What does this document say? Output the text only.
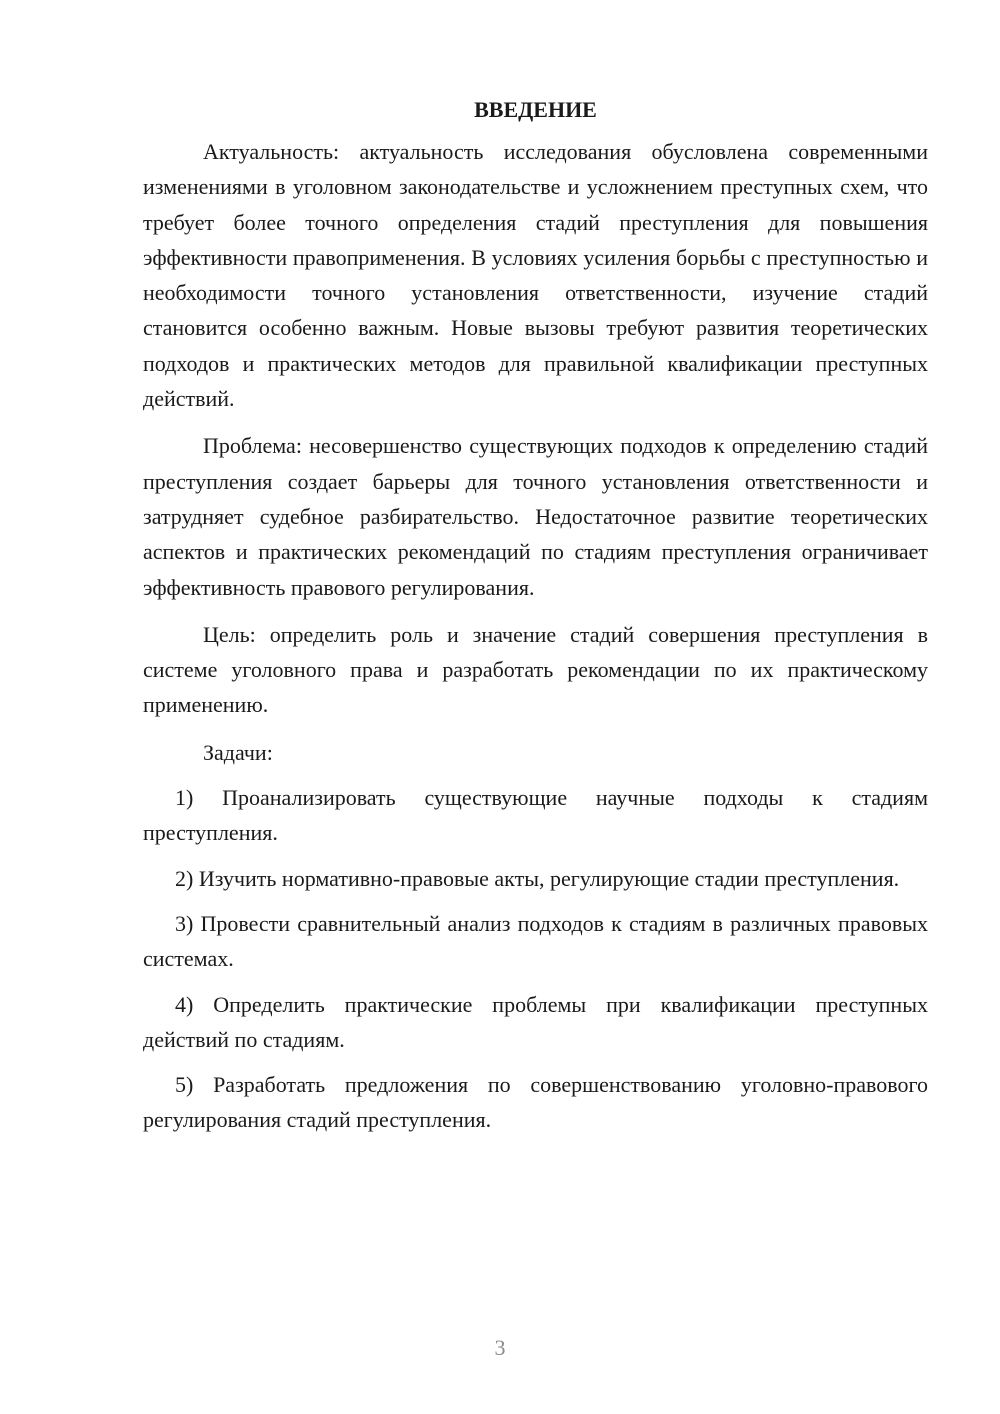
ВВЕДЕНИЕ

Актуальность: актуальность исследования обусловлена современными изменениями в уголовном законодательстве и усложнением преступных схем, что требует более точного определения стадий преступления для повышения эффективности правоприменения. В условиях усиления борьбы с преступностью и необходимости точного установления ответственности, изучение стадий становится особенно важным. Новые вызовы требуют развития теоретических подходов и практических методов для правильной квалификации преступных действий.

Проблема: несовершенство существующих подходов к определению стадий преступления создает барьеры для точного установления ответственности и затрудняет судебное разбирательство. Недостаточное развитие теоретических аспектов и практических рекомендаций по стадиям преступления ограничивает эффективность правового регулирования.

Цель: определить роль и значение стадий совершения преступления в системе уголовного права и разработать рекомендации по их практическому применению.

Задачи:

1) Проанализировать существующие научные подходы к стадиям преступления.
2) Изучить нормативно-правовые акты, регулирующие стадии преступления.
3) Провести сравнительный анализ подходов к стадиям в различных правовых системах.
4) Определить практические проблемы при квалификации преступных действий по стадиям.
5) Разработать предложения по совершенствованию уголовно-правового регулирования стадий преступления.
3
